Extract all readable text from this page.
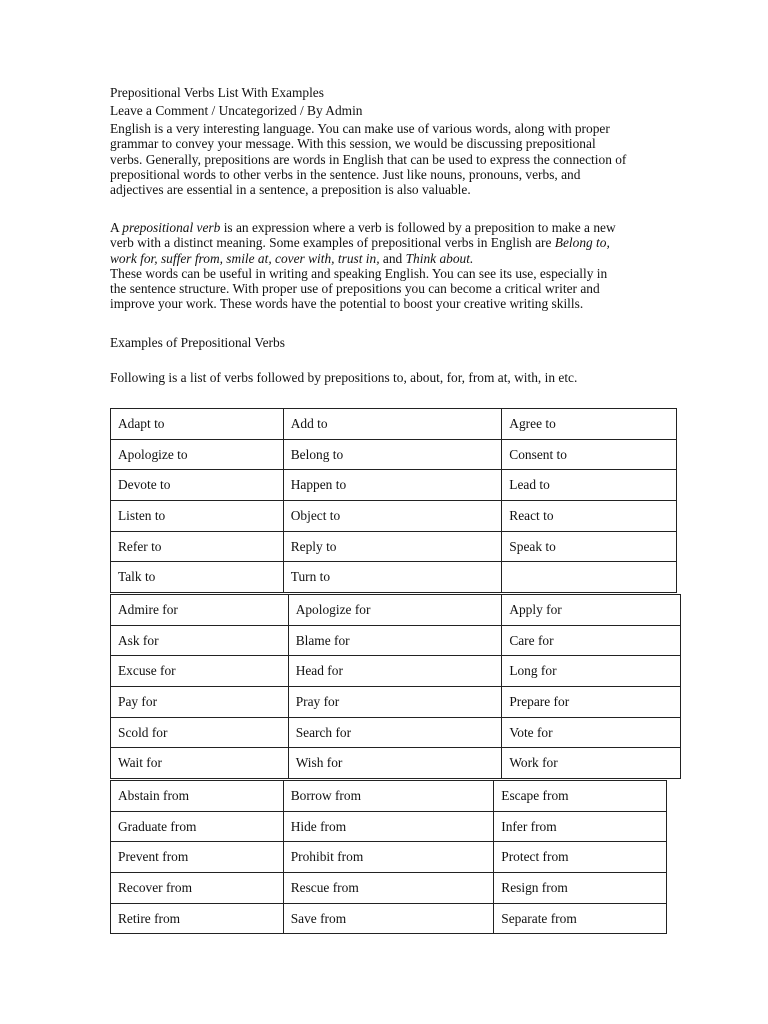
Prepositional Verbs List With Examples
Leave a Comment / Uncategorized / By Admin
English is a very interesting language. You can make use of various words, along with proper
grammar to convey your message. With this session, we would be discussing prepositional
verbs. Generally, prepositions are words in English that can be used to express the connection of
prepositional words to other verbs in the sentence. Just like nouns, pronouns, verbs, and
adjectives are essential in a sentence, a preposition is also valuable.
A prepositional verb is an expression where a verb is followed by a preposition to make a new
verb with a distinct meaning. Some examples of prepositional verbs in English are Belong to,
work for, suffer from, smile at, cover with, trust in, and Think about.
These words can be useful in writing and speaking English. You can see its use, especially in
the sentence structure. With proper use of prepositions you can become a critical writer and
improve your work. These words have the potential to boost your creative writing skills.
Examples of Prepositional Verbs
Following is a list of verbs followed by prepositions to, about, for, from at, with, in etc.
Adapt to	Add to	Agree to
Apologize to	Belong to	Consent to
Devote to	Happen to	Lead to
Listen to	Object to	React to
Refer to	Reply to	Speak to
Talk to	Turn to	
Admire for	Apologize for	Apply for
Ask for	Blame for	Care for
Excuse for	Head for	Long for
Pay for	Pray for	Prepare for
Scold for	Search for	Vote for
Wait for	Wish for	Work for
Abstain from	Borrow from	Escape from
Graduate from	Hide from	Infer from
Prevent from	Prohibit from	Protect from
Recover from	Rescue from	Resign from
Retire from	Save from	Separate from
